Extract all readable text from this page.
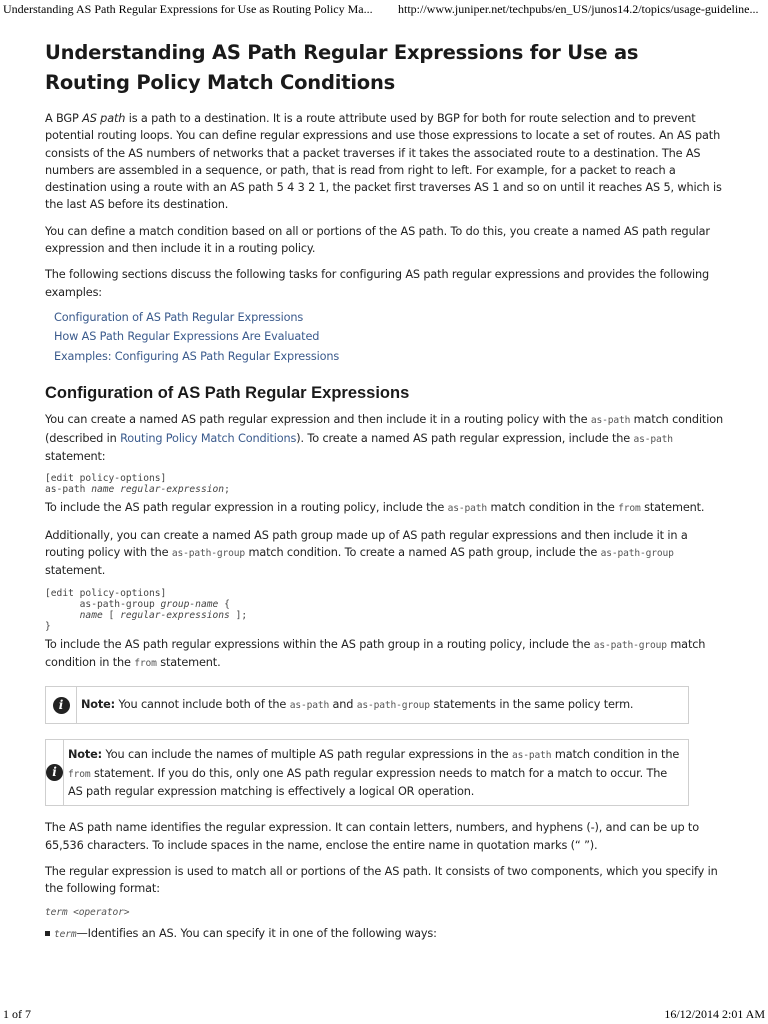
Understanding AS Path Regular Expressions for Use as Routing Policy Ma... http://www.juniper.net/techpubs/en_US/junos14.2/topics/usage-guideline...
Understanding AS Path Regular Expressions for Use as Routing Policy Match Conditions

A BGP AS path is a path to a destination. It is a route attribute used by BGP for both for route selection and to prevent potential routing loops. You can define regular expressions and use those expressions to locate a set of routes. An AS path consists of the AS numbers of networks that a packet traverses if it takes the associated route to a destination. The AS numbers are assembled in a sequence, or path, that is read from right to left. For example, for a packet to reach a destination using a route with an AS path 5 4 3 2 1, the packet first traverses AS 1 and so on until it reaches AS 5, which is the last AS before its destination.

You can define a match condition based on all or portions of the AS path. To do this, you create a named AS path regular expression and then include it in a routing policy.

The following sections discuss the following tasks for configuring AS path regular expressions and provides the following examples:

Configuration of AS Path Regular Expressions
How AS Path Regular Expressions Are Evaluated
Examples: Configuring AS Path Regular Expressions
Configuration of AS Path Regular Expressions

You can create a named AS path regular expression and then include it in a routing policy with the as-path match condition (described in Routing Policy Match Conditions). To create a named AS path regular expression, include the as-path statement:

[edit policy-options]
as-path name regular-expression;

To include the AS path regular expression in a routing policy, include the as-path match condition in the from statement.

Additionally, you can create a named AS path group made up of AS path regular expressions and then include it in a routing policy with the as-path-group match condition. To create a named AS path group, include the as-path-group statement.

[edit policy-options]
as-path-group group-name {
name [ regular-expressions ];
}

To include the AS path regular expressions within the AS path group in a routing policy, include the as-path-group match condition in the from statement.

i	Note: You cannot include both of the as-path and as-path-group statements in the same policy term.
i
Note: You can include the names of multiple AS path regular expressions in the as-path match condition in the from statement. If you do this, only one AS path regular expression needs to match for a match to occur. The AS path regular expression matching is effectively a logical OR operation.

The AS path name identifies the regular expression. It can contain letters, numbers, and hyphens (-), and can be up to 65,536 characters. To include spaces in the name, enclose the entire name in quotation marks (“ ”).

The regular expression is used to match all or portions of the AS path. It consists of two components, which you specify in the following format:

term <operator>

term—Identifies an AS. You can specify it in one of the following ways:

1 of 7	16/12/2014 2:01 AM
